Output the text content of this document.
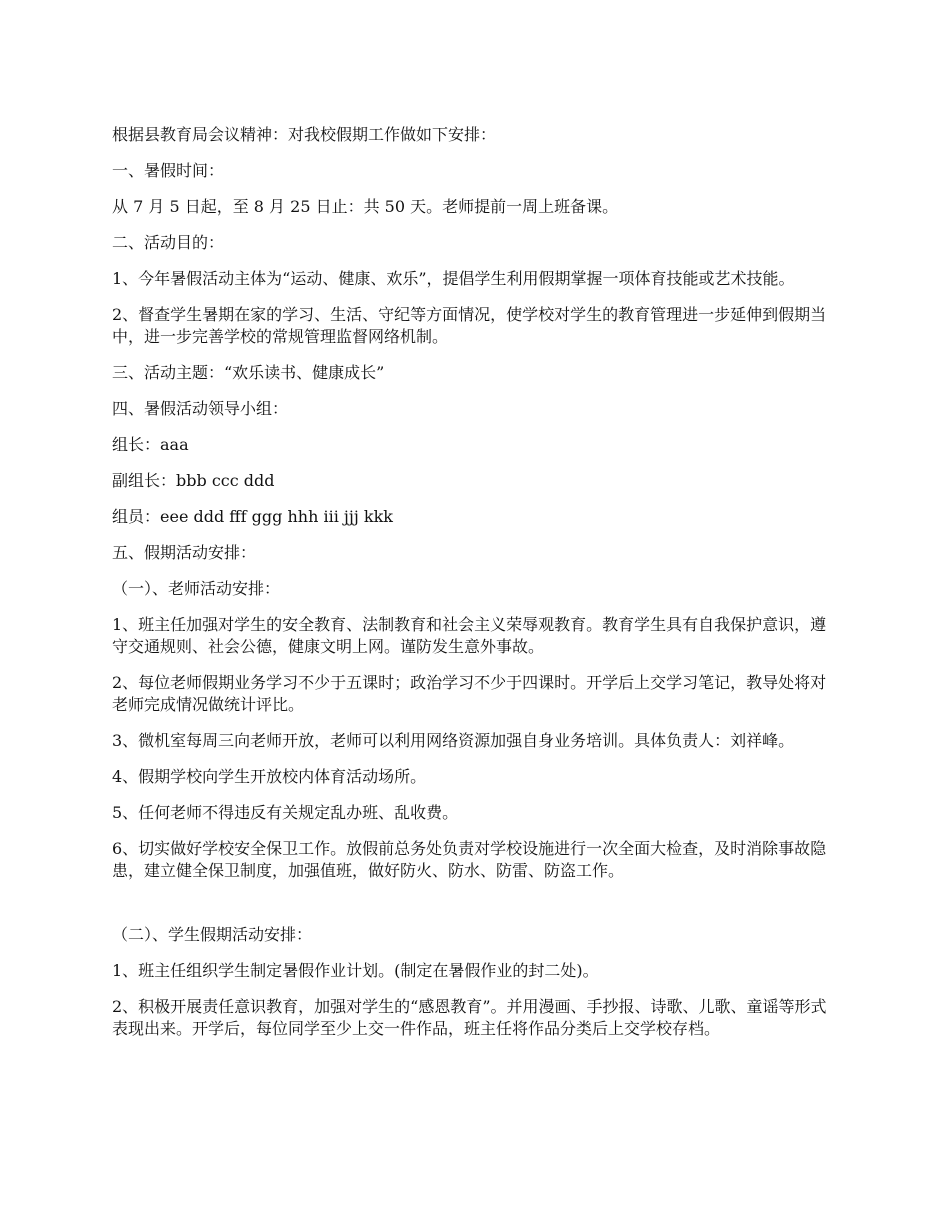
根据县教育局会议精神：对我校假期工作做如下安排：

一、暑假时间：

从 7 月 5 日起，至 8 月 25 日止：共 50 天。老师提前一周上班备课。

二、活动目的：

1、今年暑假活动主体为“运动、健康、欢乐”，提倡学生利用假期掌握一项体育技能或艺术技能。

2、督查学生暑期在家的学习、生活、守纪等方面情况，使学校对学生的教育管理进一步延伸到假期当中，进一步完善学校的常规管理监督网络机制。

三、活动主题：“欢乐读书、健康成长”

四、暑假活动领导小组：

组长：aaa

副组长：bbb ccc ddd

组员：eee ddd fff ggg hhh iii jjj kkk

五、假期活动安排：

（一）、老师活动安排：

1、班主任加强对学生的安全教育、法制教育和社会主义荣辱观教育。教育学生具有自我保护意识，遵守交通规则、社会公德，健康文明上网。谨防发生意外事故。

2、每位老师假期业务学习不少于五课时；政治学习不少于四课时。开学后上交学习笔记，教导处将对老师完成情况做统计评比。

3、微机室每周三向老师开放，老师可以利用网络资源加强自身业务培训。具体负责人：刘祥峰。

4、假期学校向学生开放校内体育活动场所。

5、任何老师不得违反有关规定乱办班、乱收费。

6、切实做好学校安全保卫工作。放假前总务处负责对学校设施进行一次全面大检查，及时消除事故隐患，建立健全保卫制度，加强值班，做好防火、防水、防雷、防盗工作。

（二）、学生假期活动安排：

1、班主任组织学生制定暑假作业计划。(制定在暑假作业的封二处)。

2、积极开展责任意识教育，加强对学生的“感恩教育”。并用漫画、手抄报、诗歌、儿歌、童谣等形式表现出来。开学后，每位同学至少上交一件作品，班主任将作品分类后上交学校存档。
